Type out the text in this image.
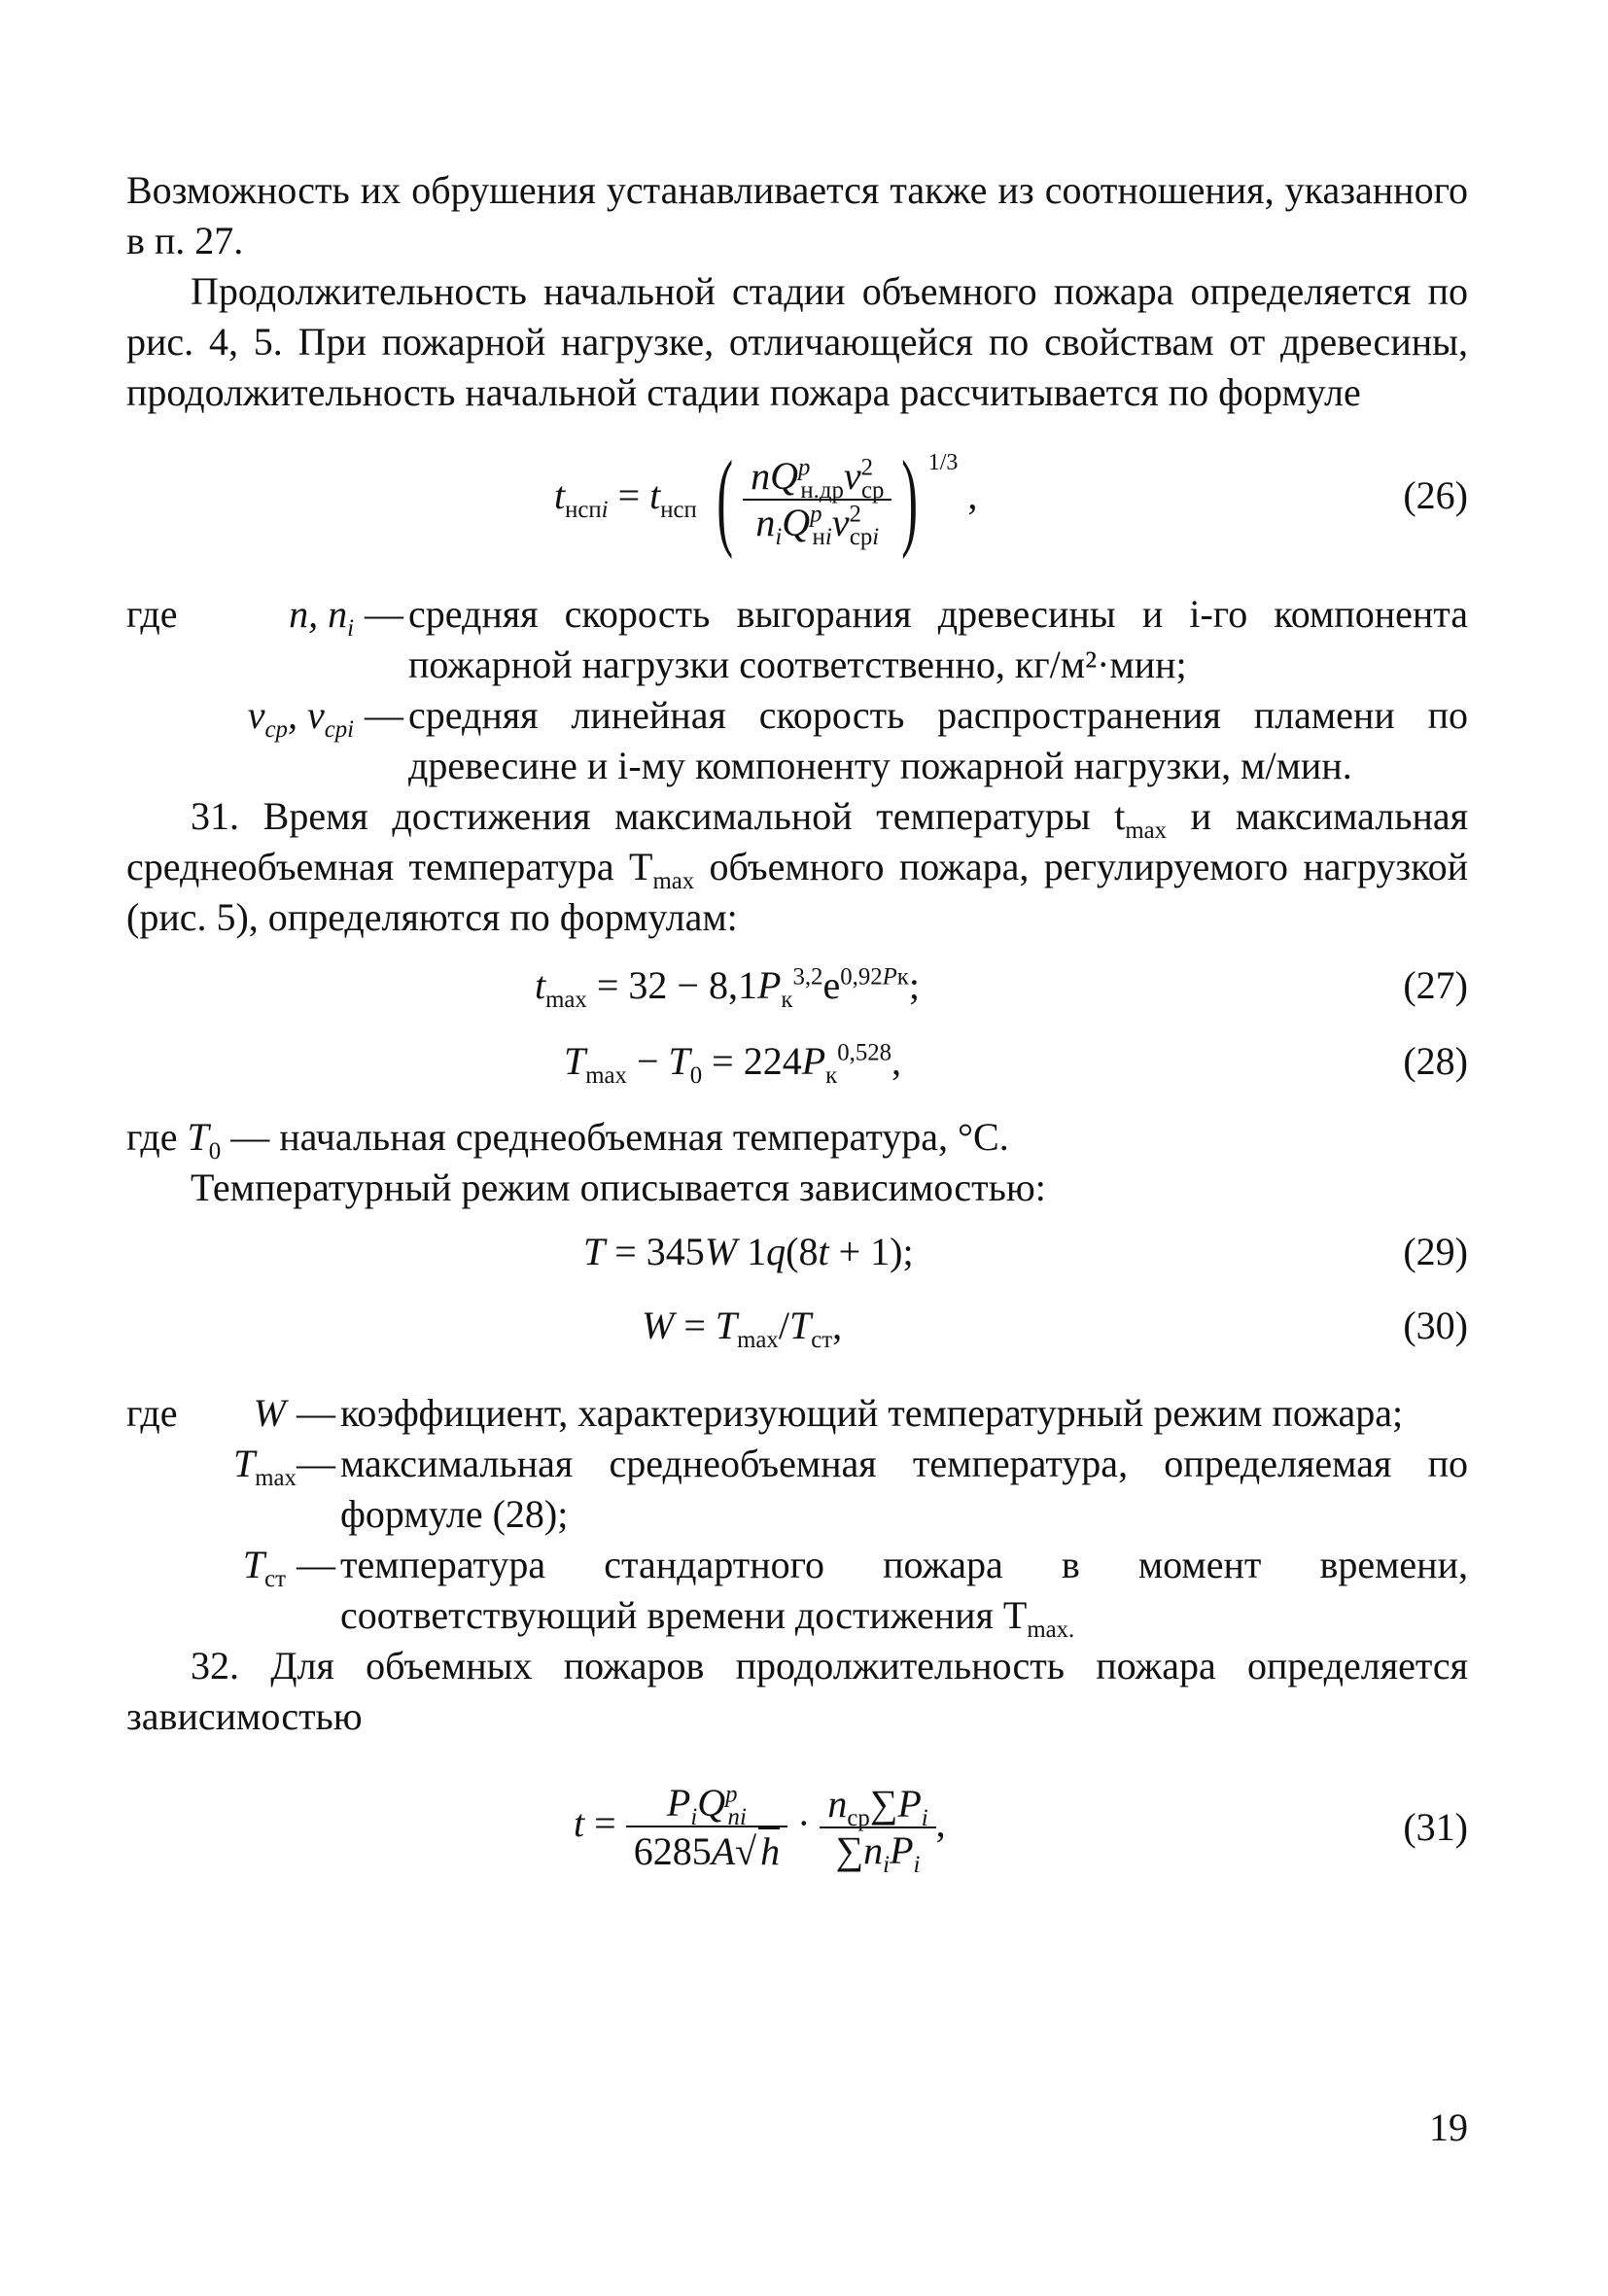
Возможность их обрушения устанавливается также из соотношения, указанного в п. 27.

Продолжительность начальной стадии объемного пожара определяется по рис. 4, 5. При пожарной нагрузке, отличающейся по свойствам от древесины, продолжительность начальной стадии пожара рассчитывается по формуле

$t_{нспi} = t_{нсп}$ ( $\frac{nQ^p_{н.др}v^2_{ср}}{n_iQ^p_{нi}v^2_{срi}}$ ) $^{1/3}$ ,	(26)
где	n, $n_i$ — средняя скорость выгорания древесины и i-го компонента пожарной нагрузки соответственно, кг/м²·мин;
$v_{ср}$, $v_{срi}$ — средняя линейная скорость распространения пламени по древесине и i-му компоненту пожарной нагрузки, м/мин.

31. Время достижения максимальной температуры $t_{max}$ и максимальная среднеобъемная температура $T_{max}$ объемного пожара, регулируемого нагрузкой (рис. 5), определяются по формулам:

$t_{max} = 32 - 8,1P_к^{3,2}e^{0,92Pк}$;	(27)
$T_{max} - T_0 = 224P_к^{0,528}$,	(28)

где $T_0$ — начальная среднеобъемная температура, °С.

Температурный режим описывается зависимостью:

T = 345W 1q(8t + 1);	(29)
$W = T_{max}/T_{ст}$,	(30)
где	W — коэффициент, характеризующий температурный режим пожара;
$T_{max}$ — максимальная среднеобъемная температура, определяемая по формуле (28);
$T_{ст}$ — температура стандартного пожара в момент времени, соответствующий времени достижения $T_{max.}$

32. Для объемных пожаров продолжительность пожара определяется зависимостью

$t = \frac{P_iQ^p_{ni}}{6285A√ h} \cdot \frac{n_{ср}\sum P_i}{\sum n_iP_i}$ ,	(31)
19
